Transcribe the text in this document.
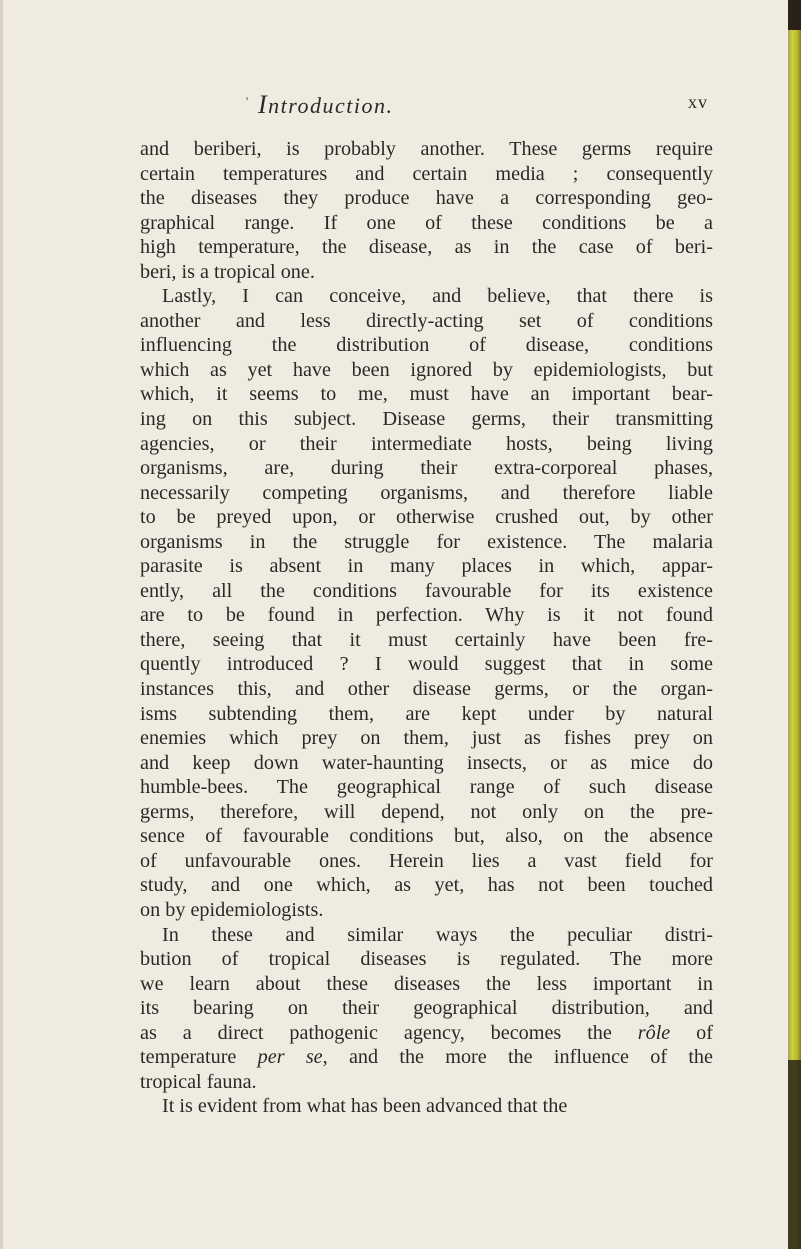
' Introduction.	xv
and beriberi, is probably another. These germs require
certain temperatures and certain media ; consequently
the diseases they produce have a corresponding geo-
graphical range. If one of these conditions be a
high temperature, the disease, as in the case of beri-
beri, is a tropical one.
Lastly, I can conceive, and believe, that there is
another and less directly-acting set of conditions
influencing the distribution of disease, conditions
which as yet have been ignored by epidemiologists, but
which, it seems to me, must have an important bear-
ing on this subject. Disease germs, their transmitting
agencies, or their intermediate hosts, being living
organisms, are, during their extra-corporeal phases,
necessarily competing organisms, and therefore liable
to be preyed upon, or otherwise crushed out, by other
organisms in the struggle for existence. The malaria
parasite is absent in many places in which, appar-
ently, all the conditions favourable for its existence
are to be found in perfection. Why is it not found
there, seeing that it must certainly have been fre-
quently introduced ? I would suggest that in some
instances this, and other disease germs, or the organ-
isms subtending them, are kept under by natural
enemies which prey on them, just as fishes prey on
and keep down water-haunting insects, or as mice do
humble-bees. The geographical range of such disease
germs, therefore, will depend, not only on the pre-
sence of favourable conditions but, also, on the absence
of unfavourable ones. Herein lies a vast field for
study, and one which, as yet, has not been touched
on by epidemiologists.
In these and similar ways the peculiar distri-
bution of tropical diseases is regulated. The more
we learn about these diseases the less important in
its bearing on their geographical distribution, and
as a direct pathogenic agency, becomes the rôle of
temperature per se, and the more the influence of the
tropical fauna.
It is evident from what has been advanced that the
